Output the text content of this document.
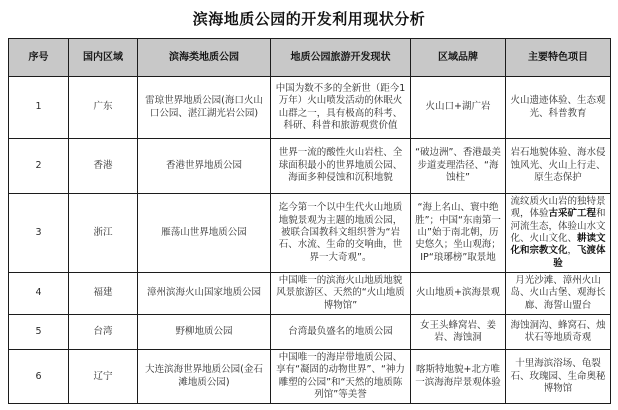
滨海地质公园的开发利用现状分析
序号	国内区域	滨海类地质公园	地质公园旅游开发现状	区域品牌	主要特色项目
1	广东	雷琼世界地质公园(海口火山口公园、湛江湖光岩公园)	中国为数不多的全新世（距今1万年）火山喷发活动的休眠火山群之一，具有极高的科考、科研、科普和旅游观赏价值	火山口+湖广岩	火山遗迹体验、生态观光、科普教育
2	香港	香港世界地质公园	世界一流的酸性火山岩柱、全球面积最小的世界地质公园、海面多种侵蚀和沉积地貌	“破边洲”、香港最美步道麦理浩径、“海蚀柱”	岩石地貌体验、海水侵蚀风光、火山上行走、原生态保护
3	浙江	雁荡山世界地质公园	迄今第一个以中生代火山地质地貌景观为主题的地质公园，被联合国教科文组织誉为“岩石、水流、生命的交响曲，世界一大奇观”。	“海上名山、寰中绝胜”；中国“东南第一山”始于南北朝，历史悠久；坐山观海；IP“琅琊榜”取景地	流纹质火山岩的独特景观，体验古采矿工程和河流生态，体验山水文化、火山文化、耕读文化和宗教文化，飞渡体验
4	福建	漳州滨海火山国家地质公园	中国唯一的滨海火山地质地貌风景旅游区、天然的“火山地质博物馆”	火山地质+滨海景观	月光沙滩、漳州火山岛、火山古堡、观海长廊、海誓山盟台
5	台湾	野柳地质公园	台湾最负盛名的地质公园	女王头蜂窝岩、姜岩、海蚀洞	海蚀洞沟、蜂窝石、烛状石等地质奇观
6	辽宁	大连滨海世界地质公园(金石滩地质公园)	中国唯一的海岸带地质公园、享有“凝固的动物世界”、“神力雕塑的公园”和“天然的地质陈列馆”等美誉	喀斯特地貌+北方唯一滨海海岸景观体验	十里海滨浴场、龟裂石、玫瑰园、生命奥秘博物馆
